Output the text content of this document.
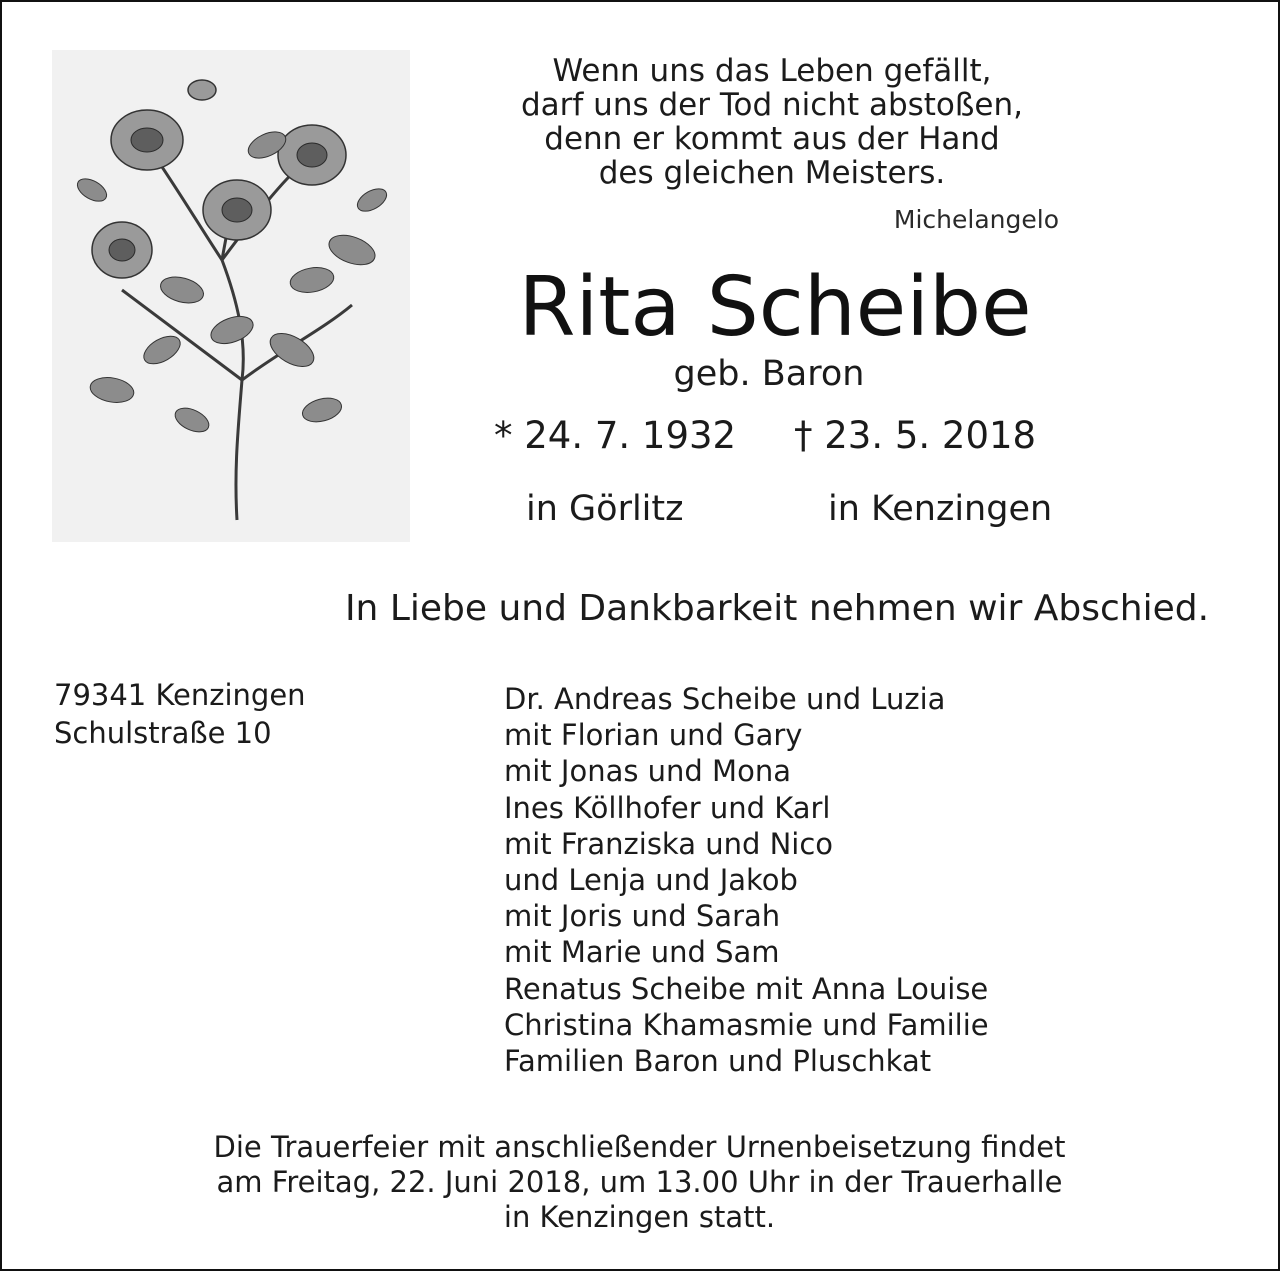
Wenn uns das Leben gefällt,
darf uns der Tod nicht abstoßen,
denn er kommt aus der Hand
des gleichen Meisters.
Michelangelo
Rita Scheibe
geb. Baron
* 24. 7. 1932 † 23. 5. 2018
in Görlitz	in Kenzingen
In Liebe und Dankbarkeit nehmen wir Abschied.
79341 Kenzingen
Schulstraße 10
Dr. Andreas Scheibe und Luzia
mit Florian und Gary
mit Jonas und Mona
Ines Köllhofer und Karl
mit Franziska und Nico
und Lenja und Jakob
mit Joris und Sarah
mit Marie und Sam
Renatus Scheibe mit Anna Louise
Christina Khamasmie und Familie
Familien Baron und Pluschkat
Die Trauerfeier mit anschließender Urnenbeisetzung findet
am Freitag, 22. Juni 2018, um 13.00 Uhr in der Trauerhalle
in Kenzingen statt.
